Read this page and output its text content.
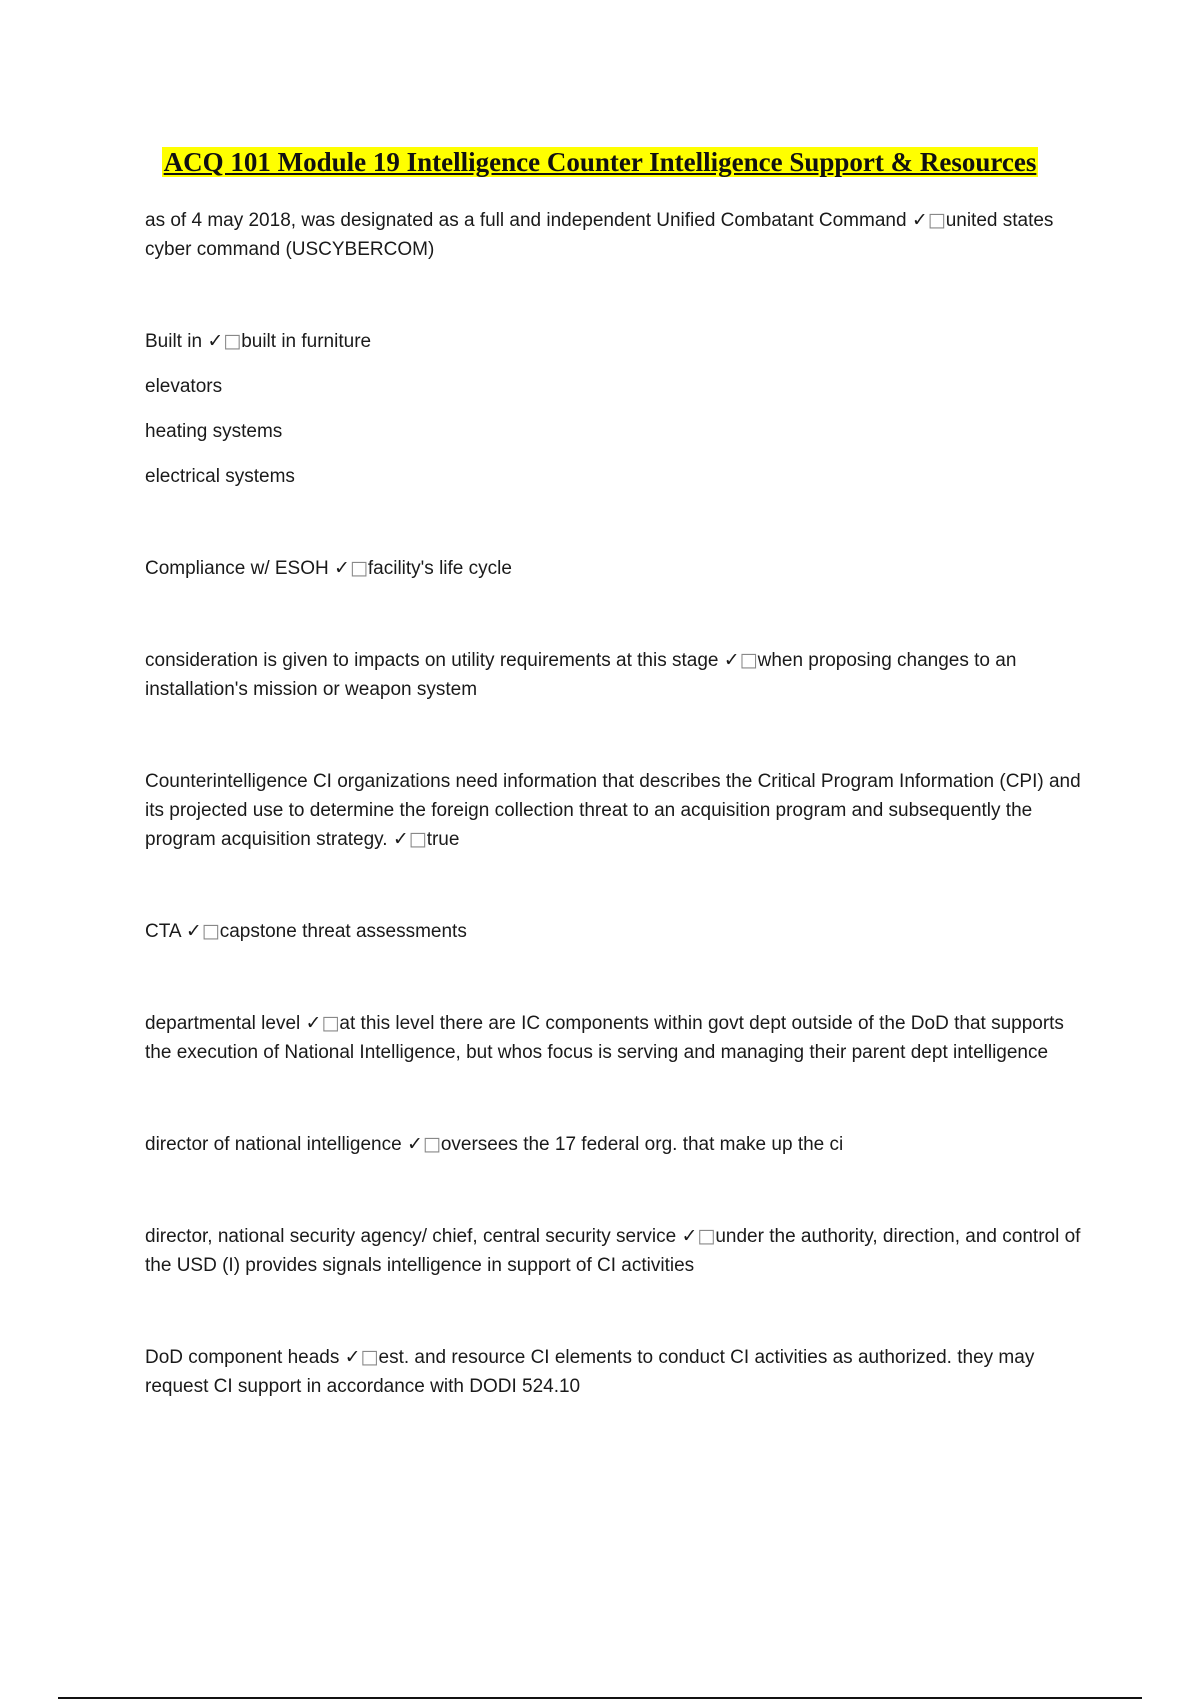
ACQ 101 Module 19 Intelligence Counter Intelligence Support & Resources

as of 4 may 2018, was designated as a full and independent Unified Combatant Command ✓□united states cyber command (USCYBERCOM)

Built in ✓□built in furniture

elevators

heating systems

electrical systems

Compliance w/ ESOH ✓□facility's life cycle

consideration is given to impacts on utility requirements at this stage ✓□when proposing changes to an installation's mission or weapon system

Counterintelligence CI organizations need information that describes the Critical Program Information (CPI) and its projected use to determine the foreign collection threat to an acquisition program and subsequently the program acquisition strategy. ✓□true

CTA ✓□capstone threat assessments

departmental level ✓□at this level there are IC components within govt dept outside of the DoD that supports the execution of National Intelligence, but whos focus is serving and managing their parent dept intelligence

director of national intelligence ✓□oversees the 17 federal org. that make up the ci

director, national security agency/ chief, central security service ✓□under the authority, direction, and control of the USD (I) provides signals intelligence in support of CI activities

DoD component heads ✓□est. and resource CI elements to conduct CI activities as authorized. they may request CI support in accordance with DODI 524.10
